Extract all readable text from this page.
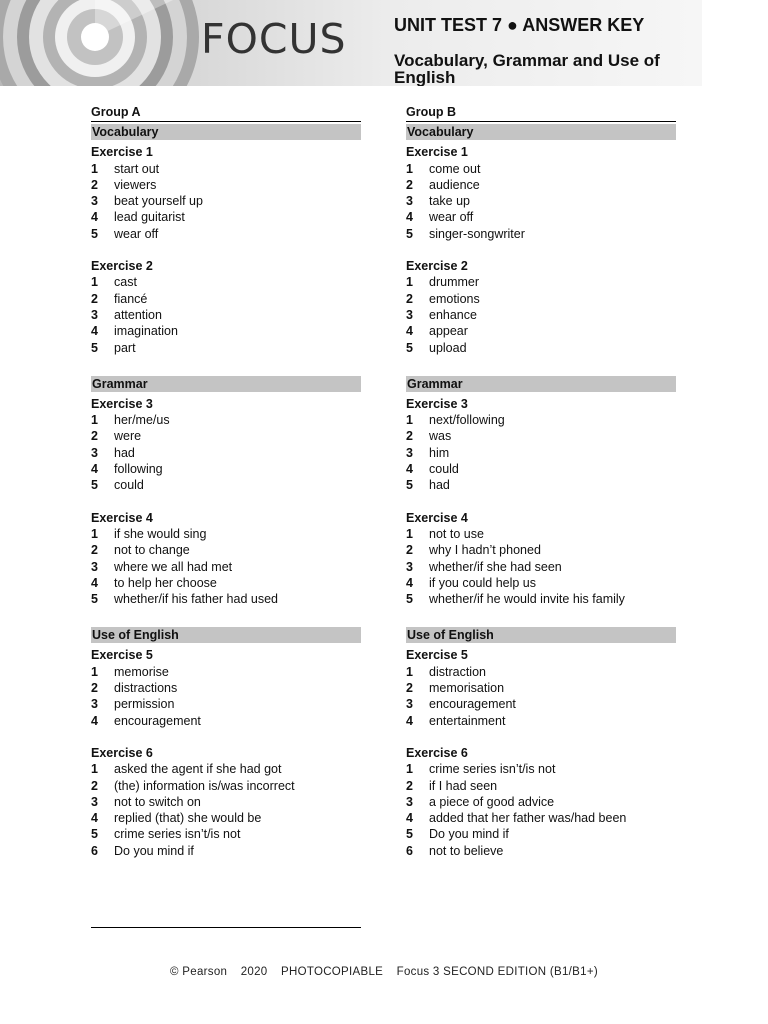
FOCUS	UNIT TEST 7 ● ANSWER KEY
Vocabulary, Grammar and Use of English
Group A
Vocabulary
Exercise 1
1	start out
2	viewers
3	beat yourself up
4	lead guitarist
5	wear off
Exercise 2
1	cast
2	fiancé
3	attention
4	imagination
5	part
Grammar
Exercise 3
1	her/me/us
2	were
3	had
4	following
5	could
Exercise 4
1	if she would sing
2	not to change
3	where we all had met
4	to help her choose
5	whether/if his father had used
Use of English
Exercise 5
1	memorise
2	distractions
3	permission
4	encouragement
Exercise 6
1	asked the agent if she had got
2	(the) information is/was incorrect
3	not to switch on
4	replied (that) she would be
5	crime series isn’t/is not
6	Do you mind if
Group B
Vocabulary
Exercise 1
1	come out
2	audience
3	take up
4	wear off
5	singer-songwriter
Exercise 2
1	drummer
2	emotions
3	enhance
4	appear
5	upload
Grammar
Exercise 3
1	next/following
2	was
3	him
4	could
5	had
Exercise 4
1	not to use
2	why I hadn’t phoned
3	whether/if she had seen
4	if you could help us
5	whether/if he would invite his family
Use of English
Exercise 5
1	distraction
2	memorisation
3	encouragement
4	entertainment
Exercise 6
1	crime series isn’t/is not
2	if I had seen
3	a piece of good advice
4	added that her father was/had been
5	Do you mind if
6	not to believe
© Pearson 2020 PHOTOCOPIABLE Focus 3 SECOND EDITION (B1/B1+)
